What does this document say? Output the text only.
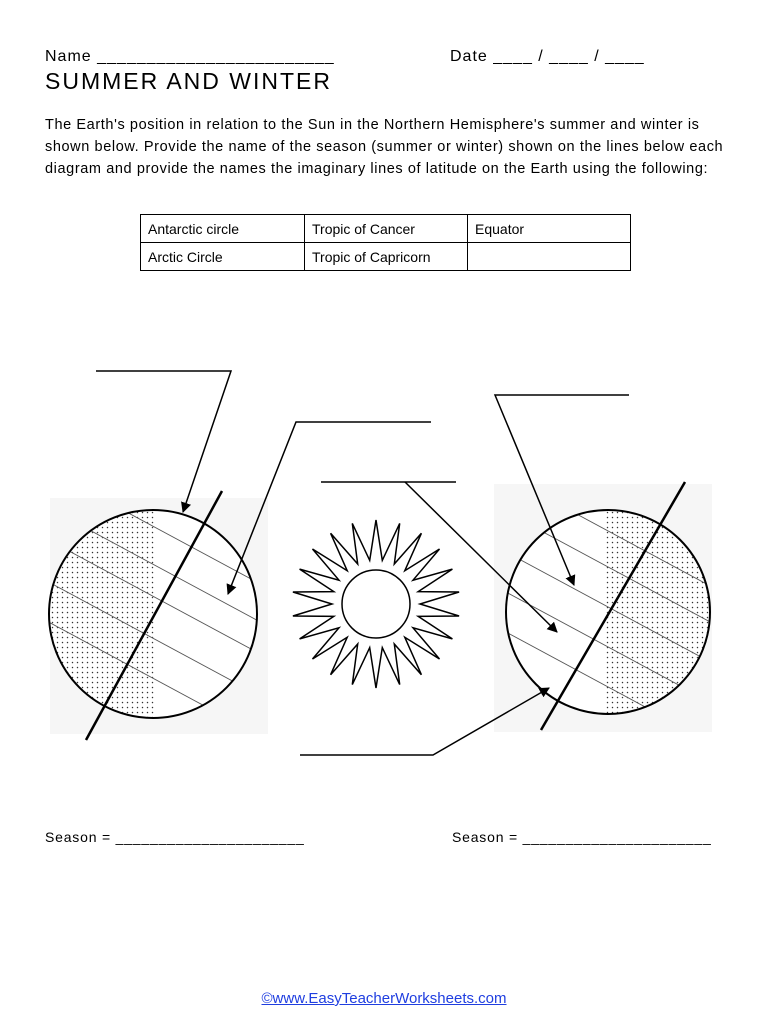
Name ________________________	Date ____ / ____ / ____
SUMMER AND WINTER
The Earth's position in relation to the Sun in the Northern Hemisphere's summer and winter is shown below. Provide the name of the season (summer or winter) shown on the lines below each diagram and provide the names the imaginary lines of latitude on the Earth using the following:
Antarctic circle	Tropic of Cancer	Equator
Arctic Circle	Tropic of Capricorn	
Season = ______________________	Season = ______________________
©www.EasyTeacherWorksheets.com
